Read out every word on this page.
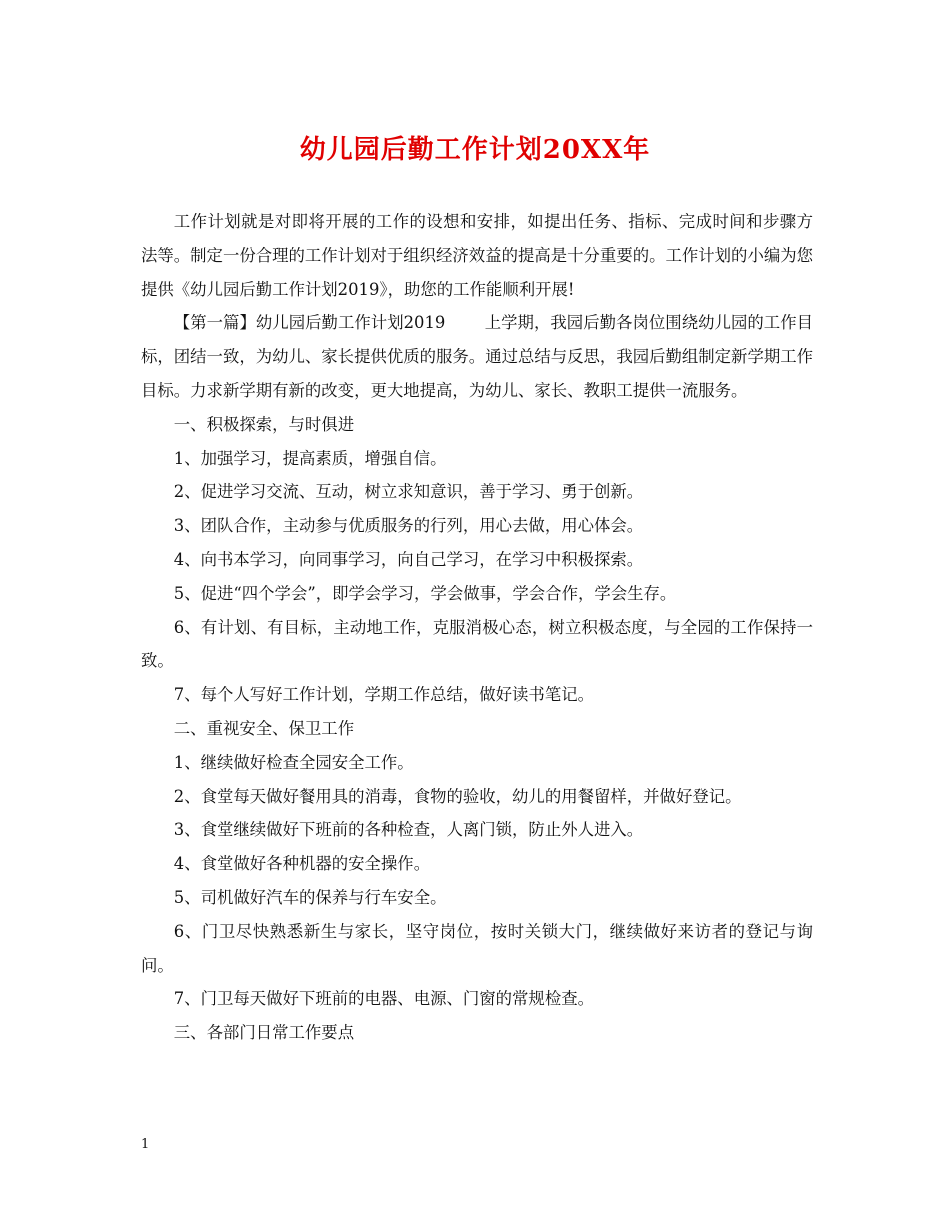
幼儿园后勤工作计划20XX年

工作计划就是对即将开展的工作的设想和安排，如提出任务、指标、完成时间和步骤方法等。制定一份合理的工作计划对于组织经济效益的提高是十分重要的。工作计划的小编为您提供《幼儿园后勤工作计划2019》，助您的工作能顺利开展!

【第一篇】幼儿园后勤工作计划2019 上学期，我园后勤各岗位围绕幼儿园的工作目标，团结一致，为幼儿、家长提供优质的服务。通过总结与反思，我园后勤组制定新学期工作目标。力求新学期有新的改变，更大地提高，为幼儿、家长、教职工提供一流服务。

一、积极探索，与时俱进

1、加强学习，提高素质，增强自信。

2、促进学习交流、互动，树立求知意识，善于学习、勇于创新。

3、团队合作，主动参与优质服务的行列，用心去做，用心体会。

4、向书本学习，向同事学习，向自己学习，在学习中积极探索。

5、促进“四个学会”，即学会学习，学会做事，学会合作，学会生存。

6、有计划、有目标，主动地工作，克服消极心态，树立积极态度，与全园的工作保持一致。

7、每个人写好工作计划，学期工作总结，做好读书笔记。

二、重视安全、保卫工作

1、继续做好检查全园安全工作。

2、食堂每天做好餐用具的消毒，食物的验收，幼儿的用餐留样，并做好登记。

3、食堂继续做好下班前的各种检查，人离门锁，防止外人进入。

4、食堂做好各种机器的安全操作。

5、司机做好汽车的保养与行车安全。

6、门卫尽快熟悉新生与家长，坚守岗位，按时关锁大门，继续做好来访者的登记与询问。

7、门卫每天做好下班前的电器、电源、门窗的常规检查。

三、各部门日常工作要点

1
